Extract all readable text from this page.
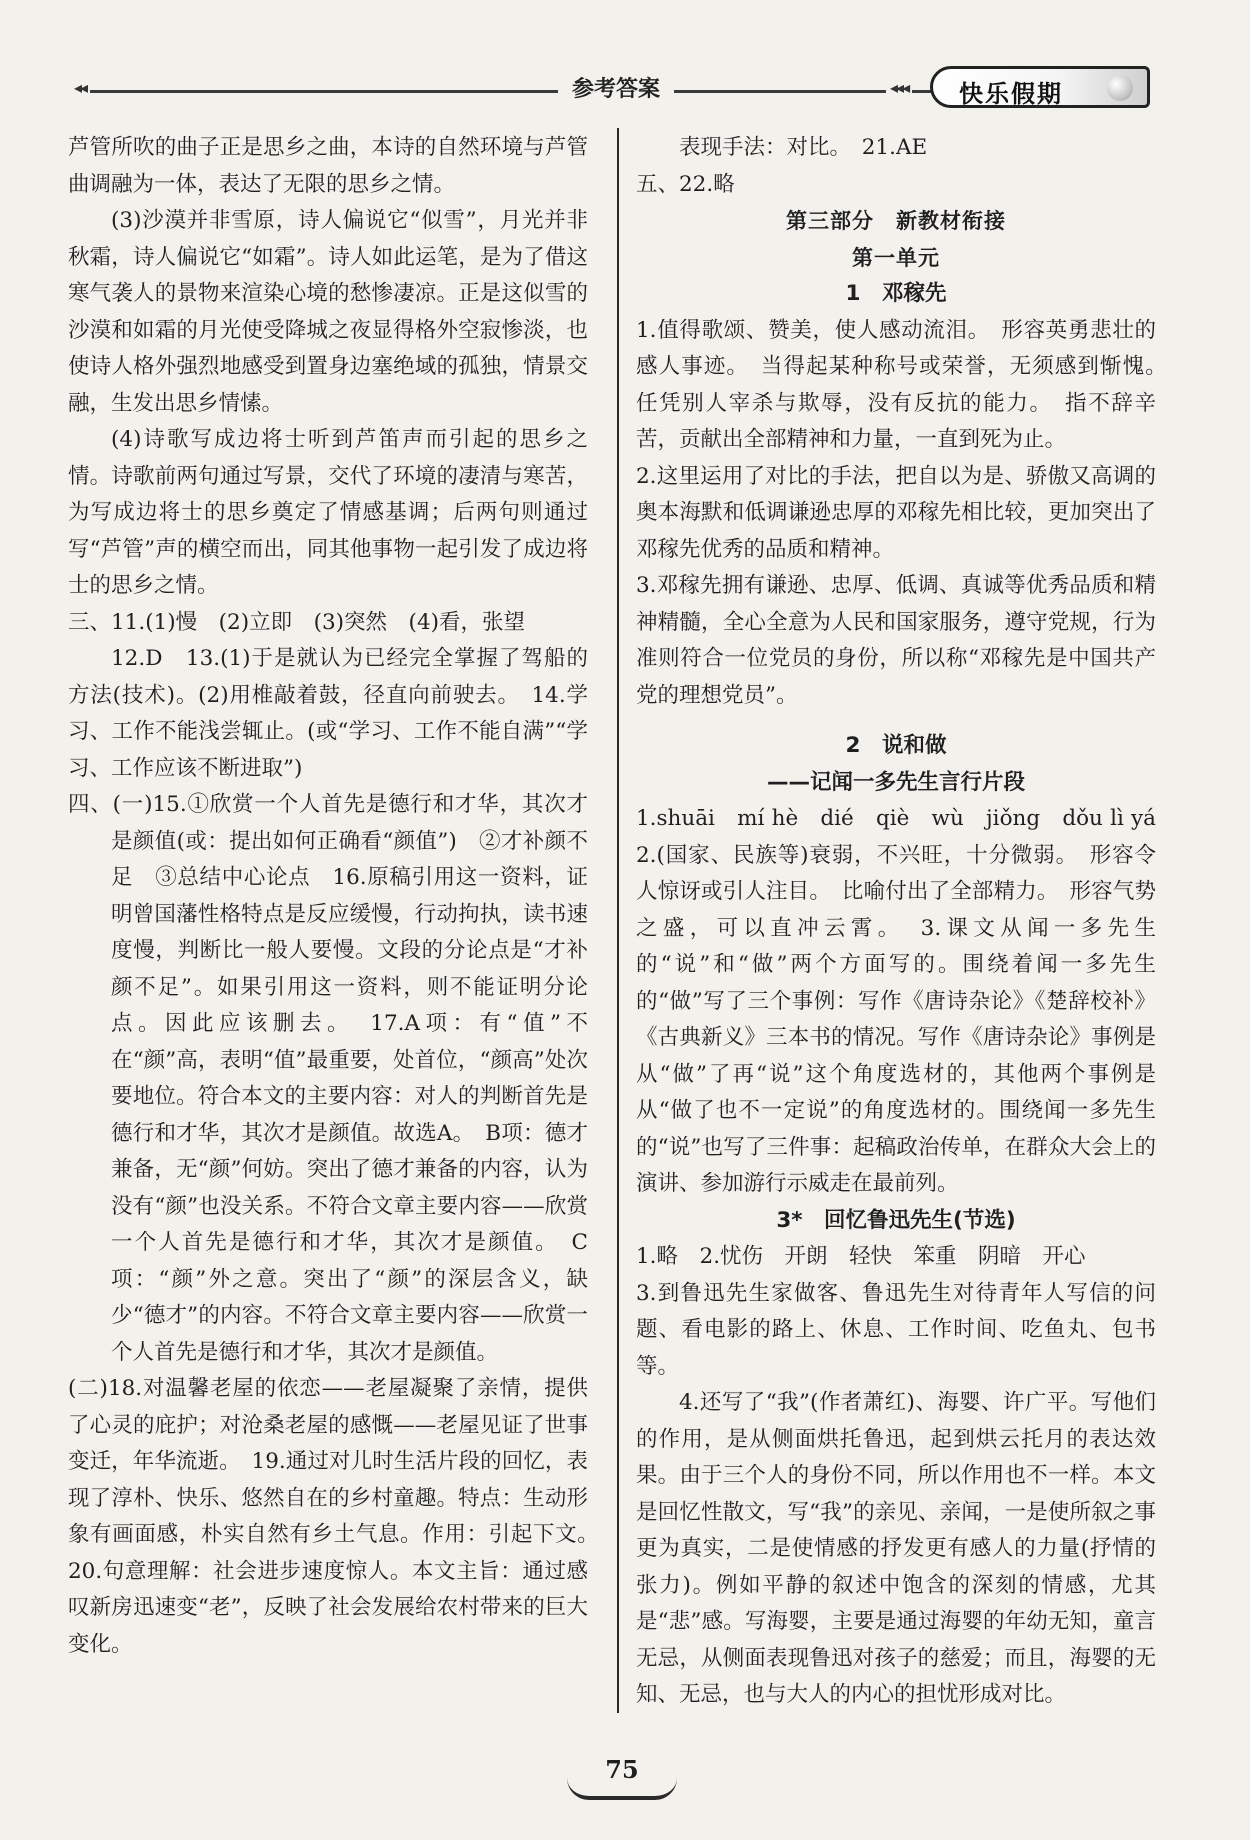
◂◂	参考答案	◂◂◂ 快乐假期

芦管所吹的曲子正是思乡之曲，本诗的自然环境与芦管曲调融为一体，表达了无限的思乡之情。

(3)沙漠并非雪原，诗人偏说它“似雪”，月光并非秋霜，诗人偏说它“如霜”。诗人如此运笔，是为了借这寒气袭人的景物来渲染心境的愁惨凄凉。正是这似雪的沙漠和如霜的月光使受降城之夜显得格外空寂惨淡，也使诗人格外强烈地感受到置身边塞绝域的孤独，情景交融，生发出思乡情愫。

(4)诗歌写成边将士听到芦笛声而引起的思乡之情。诗歌前两句通过写景，交代了环境的凄清与寒苦，为写成边将士的思乡奠定了情感基调；后两句则通过写“芦管”声的横空而出，同其他事物一起引发了成边将士的思乡之情。

三、11.(1)慢　(2)立即　(3)突然　(4)看，张望

12.D　13.(1)于是就认为已经完全掌握了驾船的方法(技术)。(2)用椎敲着鼓，径直向前驶去。　14.学习、工作不能浅尝辄止。(或“学习、工作不能自满”“学习、工作应该不断进取”)

四、(一)15.①欣赏一个人首先是德行和才华，其次才是颜值(或：提出如何正确看“颜值”)　②才补颜不足　③总结中心论点　16.原稿引用这一资料，证明曾国藩性格特点是反应缓慢，行动拘执，读书速度慢，判断比一般人要慢。文段的分论点是“才补颜不足”。如果引用这一资料，则不能证明分论点。因此应该删去。　17.A项：有“值”不在“颜”高，表明“值”最重要，处首位，“颜高”处次要地位。符合本文的主要内容：对人的判断首先是德行和才华，其次才是颜值。故选A。　B项：德才兼备，无“颜”何妨。突出了德才兼备的内容，认为没有“颜”也没关系。不符合文章主要内容——欣赏一个人首先是德行和才华，其次才是颜值。　C项：“颜”外之意。突出了“颜”的深层含义，缺少“德才”的内容。不符合文章主要内容——欣赏一个人首先是德行和才华，其次才是颜值。

(二)18.对温馨老屋的依恋——老屋凝聚了亲情，提供了心灵的庇护；对沧桑老屋的感慨——老屋见证了世事变迁，年华流逝。　19.通过对儿时生活片段的回忆，表现了淳朴、快乐、悠然自在的乡村童趣。特点：生动形象有画面感，朴实自然有乡土气息。作用：引起下文。　20.句意理解：社会进步速度惊人。本文主旨：通过感叹新房迅速变“老”，反映了社会发展给农村带来的巨大变化。

表现手法：对比。　21.AE

五、22.略

第三部分　新教材衔接

第一单元

1　邓稼先

1.值得歌颂、赞美，使人感动流泪。　形容英勇悲壮的感人事迹。　当得起某种称号或荣誉，无须感到惭愧。　任凭别人宰杀与欺辱，没有反抗的能力。　指不辞辛苦，贡献出全部精神和力量，一直到死为止。

2.这里运用了对比的手法，把自以为是、骄傲又高调的奥本海默和低调谦逊忠厚的邓稼先相比较，更加突出了邓稼先优秀的品质和精神。

3.邓稼先拥有谦逊、忠厚、低调、真诚等优秀品质和精神精髓，全心全意为人民和国家服务，遵守党规，行为准则符合一位党员的身份，所以称“邓稼先是中国共产党的理想党员”。

2　说和做

——记闻一多先生言行片段

1.shuāi　mí hè　dié　qiè　wù　jiǒng　dǒu lì yá　2.(国家、民族等)衰弱，不兴旺，十分微弱。　形容令人惊讶或引人注目。　比喻付出了全部精力。　形容气势之盛，可以直冲云霄。　3.课文从闻一多先生的“说”和“做”两个方面写的。围绕着闻一多先生的“做”写了三个事例：写作《唐诗杂论》《楚辞校补》《古典新义》三本书的情况。写作《唐诗杂论》事例是从“做”了再“说”这个角度选材的，其他两个事例是从“做了也不一定说”的角度选材的。围绕闻一多先生的“说”也写了三件事：起稿政治传单，在群众大会上的演讲、参加游行示威走在最前列。

3*　回忆鲁迅先生(节选)

1.略　2.忧伤　开朗　轻快　笨重　阴暗　开心

3.到鲁迅先生家做客、鲁迅先生对待青年人写信的问题、看电影的路上、休息、工作时间、吃鱼丸、包书等。

4.还写了“我”(作者萧红)、海婴、许广平。写他们的作用，是从侧面烘托鲁迅，起到烘云托月的表达效果。由于三个人的身份不同，所以作用也不一样。本文是回忆性散文，写“我”的亲见、亲闻，一是使所叙之事更为真实，二是使情感的抒发更有感人的力量(抒情的张力)。例如平静的叙述中饱含的深刻的情感，尤其是“悲”感。写海婴，主要是通过海婴的年幼无知，童言无忌，从侧面表现鲁迅对孩子的慈爱；而且，海婴的无知、无忌，也与大人的内心的担忧形成对比。

75
